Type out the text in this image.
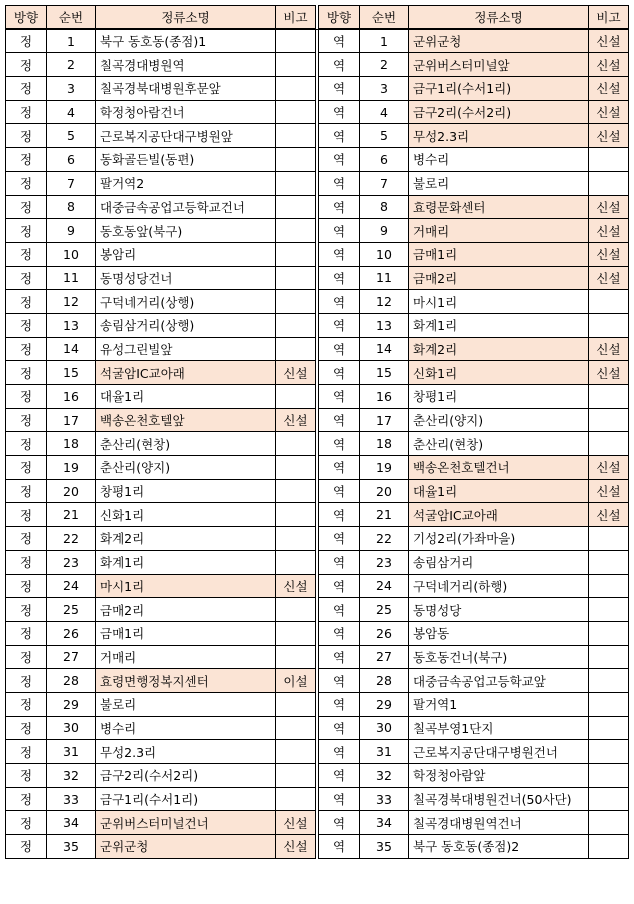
방향	순번	정류소명	비고		방향	순번	정류소명	비고
정	1	북구 동호동(종점)1			역	1	군위군청	신설
정	2	칠곡경대병원역			역	2	군위버스터미널앞	신설
정	3	칠곡경북대병원후문앞			역	3	금구1리(수서1리)	신설
정	4	학정청아람건너			역	4	금구2리(수서2리)	신설
정	5	근로복지공단대구병원앞			역	5	무성2.3리	신설
정	6	동화골든빌(동편)			역	6	병수리	
정	7	팔거역2			역	7	불로리	
정	8	대중금속공업고등학교건너			역	8	효령문화센터	신설
정	9	동호동앞(북구)			역	9	거매리	신설
정	10	봉암리			역	10	금매1리	신설
정	11	동명성당건너			역	11	금매2리	신설
정	12	구덕네거리(상행)			역	12	마시1리	
정	13	송림삼거리(상행)			역	13	화계1리	
정	14	유성그린빌앞			역	14	화계2리	신설
정	15	석굴암IC교아래	신설		역	15	신화1리	신설
정	16	대율1리			역	16	창평1리	
정	17	백송온천호텔앞	신설		역	17	춘산리(양지)	
정	18	춘산리(현창)			역	18	춘산리(현창)	
정	19	춘산리(양지)			역	19	백송온천호텔건너	신설
정	20	창평1리			역	20	대율1리	신설
정	21	신화1리			역	21	석굴암IC교아래	신설
정	22	화계2리			역	22	기성2리(가좌마을)	
정	23	화계1리			역	23	송림삼거리	
정	24	마시1리	신설		역	24	구덕네거리(하행)	
정	25	금매2리			역	25	동명성당	
정	26	금매1리			역	26	봉암동	
정	27	거매리			역	27	동호동건너(북구)	
정	28	효령면행정복지센터	이설		역	28	대중금속공업고등학교앞	
정	29	불로리			역	29	팔거역1	
정	30	병수리			역	30	칠곡부영1단지	
정	31	무성2.3리			역	31	근로복지공단대구병원건너	
정	32	금구2리(수서2리)			역	32	학정청아람앞	
정	33	금구1리(수서1리)			역	33	칠곡경북대병원건너(50사단)	
정	34	군위버스터미널건너	신설		역	34	칠곡경대병원역건너	
정	35	군위군청	신설		역	35	북구 동호동(종점)2	
